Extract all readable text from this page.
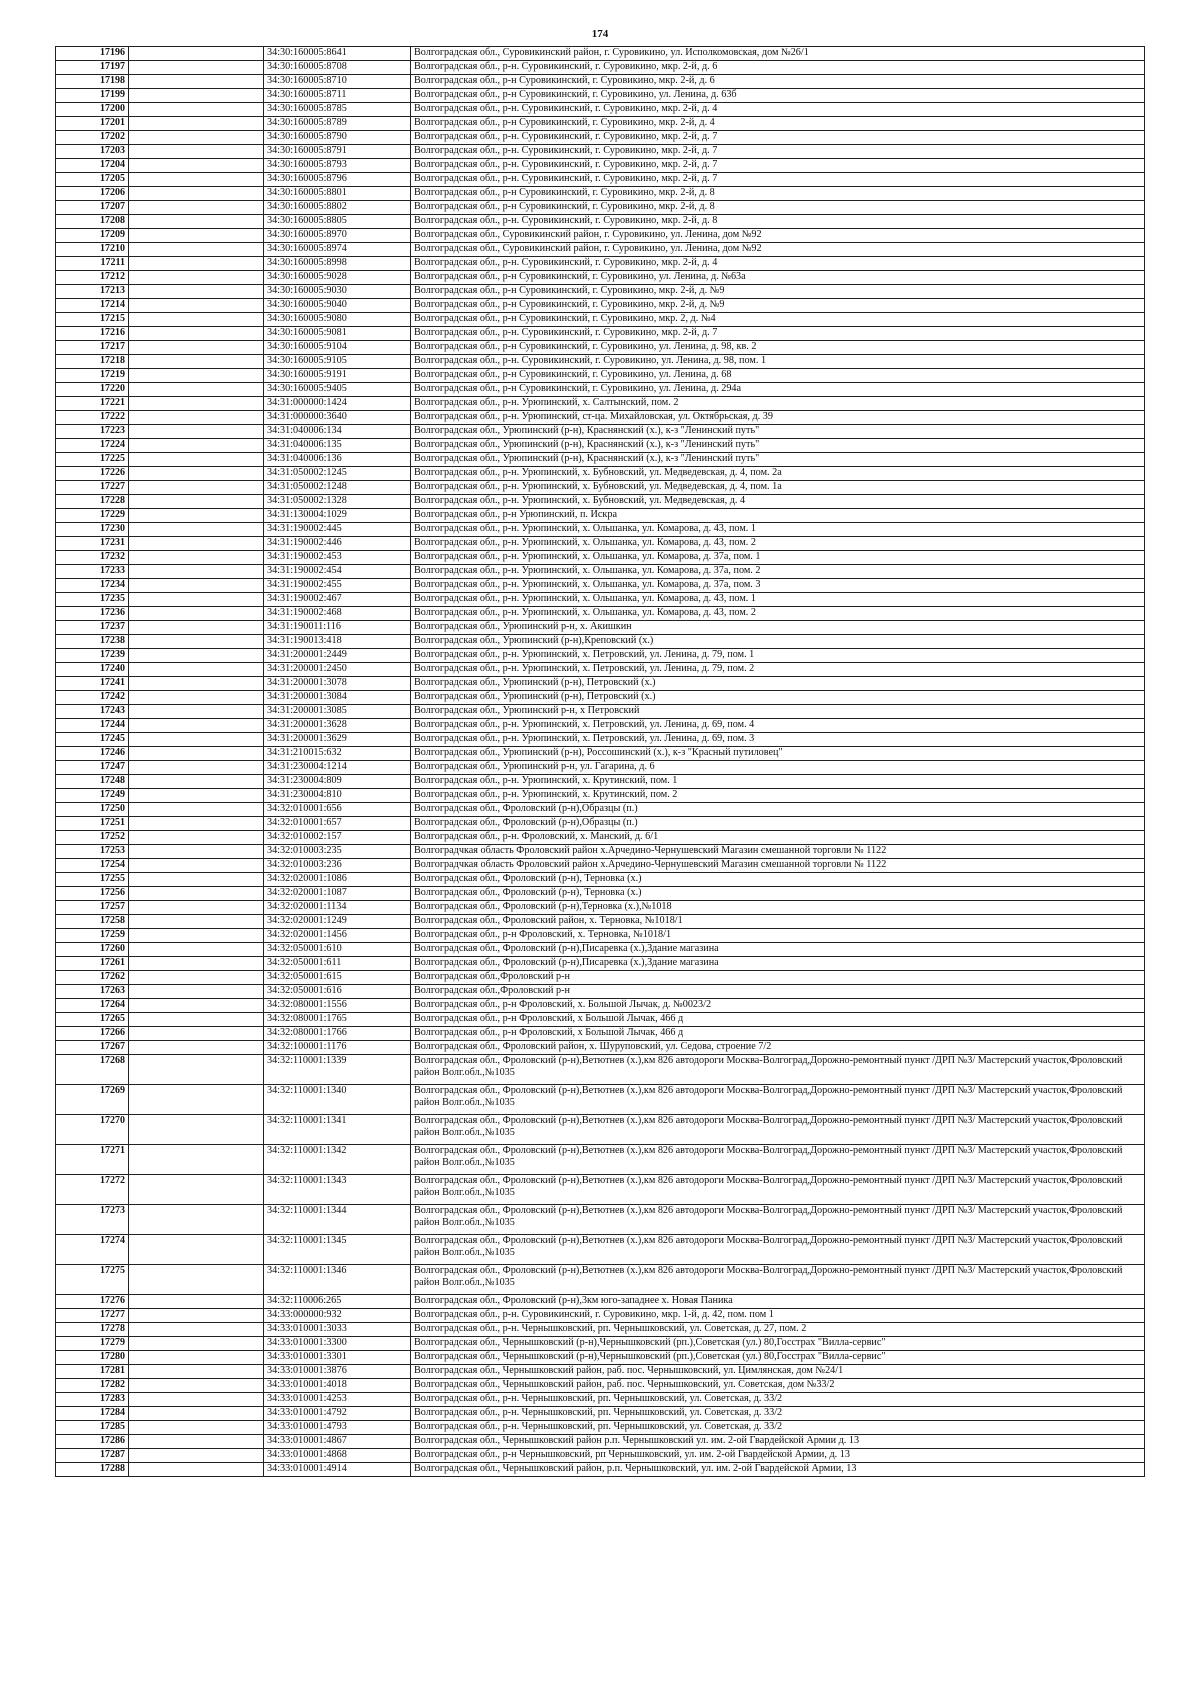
174
17196		34:30:160005:8641	Волгоградская обл., Суровикинский район, г. Суровикино, ул. Исполкомовская, дом №26/1
17197		34:30:160005:8708	Волгоградская обл., р-н. Суровикинский, г. Суровикино, мкр. 2-й, д. 6
17198		34:30:160005:8710	Волгоградская обл., р-н Суровикинский, г. Суровикино, мкр. 2-й, д. 6
17199		34:30:160005:8711	Волгоградская обл., р-н Суровикинский, г. Суровикино, ул. Ленина, д. 63б
17200		34:30:160005:8785	Волгоградская обл., р-н. Суровикинский, г. Суровикино, мкр. 2-й, д. 4
17201		34:30:160005:8789	Волгоградская обл., р-н Суровикинский, г. Суровикино, мкр. 2-й, д. 4
17202		34:30:160005:8790	Волгоградская обл., р-н. Суровикинский, г. Суровикино, мкр. 2-й, д. 7
17203		34:30:160005:8791	Волгоградская обл., р-н. Суровикинский, г. Суровикино, мкр. 2-й, д. 7
17204		34:30:160005:8793	Волгоградская обл., р-н. Суровикинский, г. Суровикино, мкр. 2-й, д. 7
17205		34:30:160005:8796	Волгоградская обл., р-н. Суровикинский, г. Суровикино, мкр. 2-й, д. 7
17206		34:30:160005:8801	Волгоградская обл., р-н Суровикинский, г. Суровикино, мкр. 2-й, д. 8
17207		34:30:160005:8802	Волгоградская обл., р-н Суровикинский, г. Суровикино, мкр. 2-й, д. 8
17208		34:30:160005:8805	Волгоградская обл., р-н. Суровикинский, г. Суровикино, мкр. 2-й, д. 8
17209		34:30:160005:8970	Волгоградская обл., Суровикинский район, г. Суровикино, ул. Ленина, дом №92
17210		34:30:160005:8974	Волгоградская обл., Суровикинский район, г. Суровикино, ул. Ленина, дом №92
17211		34:30:160005:8998	Волгоградская обл., р-н. Суровикинский, г. Суровикино, мкр. 2-й, д. 4
17212		34:30:160005:9028	Волгоградская обл., р-н Суровикинский, г. Суровикино, ул. Ленина, д. №63а
17213		34:30:160005:9030	Волгоградская обл., р-н Суровикинский, г. Суровикино, мкр. 2-й, д. №9
17214		34:30:160005:9040	Волгоградская обл., р-н Суровикинский, г. Суровикино, мкр. 2-й, д. №9
17215		34:30:160005:9080	Волгоградская обл., р-н Суровикинский, г. Суровикино, мкр. 2, д. №4
17216		34:30:160005:9081	Волгоградская обл., р-н. Суровикинский, г. Суровикино, мкр. 2-й, д. 7
17217		34:30:160005:9104	Волгоградская обл., р-н Суровикинский, г. Суровикино, ул. Ленина, д. 98, кв. 2
17218		34:30:160005:9105	Волгоградская обл., р-н. Суровикинский, г. Суровикино, ул. Ленина, д. 98, пом. 1
17219		34:30:160005:9191	Волгоградская обл., р-н Суровикинский, г. Суровикино, ул. Ленина, д. 68
17220		34:30:160005:9405	Волгоградская обл., р-н Суровикинский, г. Суровикино, ул. Ленина, д. 294а
17221		34:31:000000:1424	Волгоградская обл., р-н. Урюпинский, х. Салтынский, пом. 2
17222		34:31:000000:3640	Волгоградская обл., р-н. Урюпинский, ст-ца. Михайловская, ул. Октябрьская, д. 39
17223		34:31:040006:134	Волгоградская обл., Урюпинский (р-н), Краснянский (х.), к-з "Ленинский путь"
17224		34:31:040006:135	Волгоградская обл., Урюпинский (р-н), Краснянский (х.), к-з "Ленинский путь"
17225		34:31:040006:136	Волгоградская обл., Урюпинский (р-н), Краснянский (х.), к-з "Ленинский путь"
17226		34:31:050002:1245	Волгоградская обл., р-н. Урюпинский, х. Бубновский, ул. Медведевская, д. 4, пом. 2а
17227		34:31:050002:1248	Волгоградская обл., р-н. Урюпинский, х. Бубновский, ул. Медведевская, д. 4, пом. 1а
17228		34:31:050002:1328	Волгоградская обл., р-н. Урюпинский, х. Бубновский, ул. Медведевская, д. 4
17229		34:31:130004:1029	Волгоградская обл., р-н Урюпинский, п. Искра
17230		34:31:190002:445	Волгоградская обл., р-н. Урюпинский, х. Ольшанка, ул. Комарова, д. 43, пом. 1
17231		34:31:190002:446	Волгоградская обл., р-н. Урюпинский, х. Ольшанка, ул. Комарова, д. 43, пом. 2
17232		34:31:190002:453	Волгоградская обл., р-н. Урюпинский, х. Ольшанка, ул. Комарова, д. 37а, пом. 1
17233		34:31:190002:454	Волгоградская обл., р-н. Урюпинский, х. Ольшанка, ул. Комарова, д. 37а, пом. 2
17234		34:31:190002:455	Волгоградская обл., р-н. Урюпинский, х. Ольшанка, ул. Комарова, д. 37а, пом. 3
17235		34:31:190002:467	Волгоградская обл., р-н. Урюпинский, х. Ольшанка, ул. Комарова, д. 43, пом. 1
17236		34:31:190002:468	Волгоградская обл., р-н. Урюпинский, х. Ольшанка, ул. Комарова, д. 43, пом. 2
17237		34:31:190011:116	Волгоградская обл., Урюпинский р-н, х. Акишкин
17238		34:31:190013:418	Волгоградская обл., Урюпинский (р-н),Креповский (х.)
17239		34:31:200001:2449	Волгоградская обл., р-н. Урюпинский, х. Петровский, ул. Ленина, д. 79, пом. 1
17240		34:31:200001:2450	Волгоградская обл., р-н. Урюпинский, х. Петровский, ул. Ленина, д. 79, пом. 2
17241		34:31:200001:3078	Волгоградская обл., Урюпинский (р-н), Петровский (х.)
17242		34:31:200001:3084	Волгоградская обл., Урюпинский (р-н), Петровский (х.)
17243		34:31:200001:3085	Волгоградская обл., Урюпинский р-н, х Петровский
17244		34:31:200001:3628	Волгоградская обл., р-н. Урюпинский, х. Петровский, ул. Ленина, д. 69, пом. 4
17245		34:31:200001:3629	Волгоградская обл., р-н. Урюпинский, х. Петровский, ул. Ленина, д. 69, пом. 3
17246		34:31:210015:632	Волгоградская обл., Урюпинский (р-н), Россошинский (х.), к-з "Красный путиловец"
17247		34:31:230004:1214	Волгоградская обл., Урюпинский р-н, ул. Гагарина, д. 6
17248		34:31:230004:809	Волгоградская обл., р-н. Урюпинский, х. Крутинский, пом. 1
17249		34:31:230004:810	Волгоградская обл., р-н. Урюпинский, х. Крутинский, пом. 2
17250		34:32:010001:656	Волгоградская обл., Фроловский (р-н),Образцы (п.)
17251		34:32:010001:657	Волгоградская обл., Фроловский (р-н),Образцы (п.)
17252		34:32:010002:157	Волгоградская обл., р-н. Фроловский, х. Манский, д. 6/1
17253		34:32:010003:235	Волгоградчкая область Фроловский район х.Арчедино-Чернушевский Магазин смешанной торговли № 1122
17254		34:32:010003:236	Волгоградчкая область Фроловский район х.Арчедино-Чернушевский Магазин смешанной торговли № 1122
17255		34:32:020001:1086	Волгоградская обл., Фроловский (р-н), Терновка (х.)
17256		34:32:020001:1087	Волгоградская обл., Фроловский (р-н), Терновка (х.)
17257		34:32:020001:1134	Волгоградская обл., Фроловский (р-н),Терновка (х.),№1018
17258		34:32:020001:1249	Волгоградская обл., Фроловский район, х. Терновка, №1018/1
17259		34:32:020001:1456	Волгоградская обл., р-н Фроловский, х. Терновка, №1018/1
17260		34:32:050001:610	Волгоградская обл., Фроловский (р-н),Писаревка (х.),Здание магазина
17261		34:32:050001:611	Волгоградская обл., Фроловский (р-н),Писаревка (х.),Здание магазина
17262		34:32:050001:615	Волгоградская обл.,Фроловский р-н
17263		34:32:050001:616	Волгоградская обл.,Фроловский р-н
17264		34:32:080001:1556	Волгоградская обл., р-н Фроловский, х. Большой Лычак, д. №0023/2
17265		34:32:080001:1765	Волгоградская обл., р-н Фроловский, х Большой Лычак, 466 д
17266		34:32:080001:1766	Волгоградская обл., р-н Фроловский, х Большой Лычак, 466 д
17267		34:32:100001:1176	Волгоградская обл., Фроловский район, х. Шуруповский, ул. Седова, строение 7/2
17268		34:32:110001:1339	Волгоградская обл., Фроловский (р-н),Ветютнев (х.),км 826 автодороги Москва-Волгоград,Дорожно-ремонтный пункт /ДРП №3/ Мастерский участок,Фроловский район Волг.обл.,№1035
17269		34:32:110001:1340	Волгоградская обл., Фроловский (р-н),Ветютнев (х.),км 826 автодороги Москва-Волгоград,Дорожно-ремонтный пункт /ДРП №3/ Мастерский участок,Фроловский район Волг.обл.,№1035
17270		34:32:110001:1341	Волгоградская обл., Фроловский (р-н),Ветютнев (х.),км 826 автодороги Москва-Волгоград,Дорожно-ремонтный пункт /ДРП №3/ Мастерский участок,Фроловский район Волг.обл.,№1035
17271		34:32:110001:1342	Волгоградская обл., Фроловский (р-н),Ветютнев (х.),км 826 автодороги Москва-Волгоград,Дорожно-ремонтный пункт /ДРП №3/ Мастерский участок,Фроловский район Волг.обл.,№1035
17272		34:32:110001:1343	Волгоградская обл., Фроловский (р-н),Ветютнев (х.),км 826 автодороги Москва-Волгоград,Дорожно-ремонтный пункт /ДРП №3/ Мастерский участок,Фроловский район Волг.обл.,№1035
17273		34:32:110001:1344	Волгоградская обл., Фроловский (р-н),Ветютнев (х.),км 826 автодороги Москва-Волгоград,Дорожно-ремонтный пункт /ДРП №3/ Мастерский участок,Фроловский район Волг.обл.,№1035
17274		34:32:110001:1345	Волгоградская обл., Фроловский (р-н),Ветютнев (х.),км 826 автодороги Москва-Волгоград,Дорожно-ремонтный пункт /ДРП №3/ Мастерский участок,Фроловский район Волг.обл.,№1035
17275		34:32:110001:1346	Волгоградская обл., Фроловский (р-н),Ветютнев (х.),км 826 автодороги Москва-Волгоград,Дорожно-ремонтный пункт /ДРП №3/ Мастерский участок,Фроловский район Волг.обл.,№1035
17276		34:32:110006:265	Волгоградская обл., Фроловский (р-н),3км юго-западнее х. Новая Паника
17277		34:33:000000:932	Волгоградская обл., р-н. Суровикинский, г. Суровикино, мкр. 1-й, д. 42, пом. пом 1
17278		34:33:010001:3033	Волгоградская обл., р-н. Чернышковский, рп. Чернышковский, ул. Советская, д. 27, пом. 2
17279		34:33:010001:3300	Волгоградская обл., Чернышковский (р-н),Чернышковский (рп.),Советская (ул.) 80,Госстрах "Вилла-сервис"
17280		34:33:010001:3301	Волгоградская обл., Чернышковский (р-н),Чернышковский (рп.),Советская (ул.) 80,Госстрах "Вилла-сервис"
17281		34:33:010001:3876	Волгоградская обл., Чернышковский район, раб. пос. Чернышковский, ул. Цимлянская, дом №24/1
17282		34:33:010001:4018	Волгоградская обл., Чернышковский район, раб. пос. Чернышковский, ул. Советская, дом №33/2
17283		34:33:010001:4253	Волгоградская обл., р-н. Чернышковский, рп. Чернышковский, ул. Советская, д. 33/2
17284		34:33:010001:4792	Волгоградская обл., р-н. Чернышковский, рп. Чернышковский, ул. Советская, д. 33/2
17285		34:33:010001:4793	Волгоградская обл., р-н. Чернышковский, рп. Чернышковский, ул. Советская, д. 33/2
17286		34:33:010001:4867	Волгоградская обл., Чернышковский район р.п. Чернышковский ул. им. 2-ой Гвардейской Армии д. 13
17287		34:33:010001:4868	Волгоградская обл., р-н Чернышковский, рп Чернышковский, ул. им. 2-ой Гвардейской Армии, д. 13
17288		34:33:010001:4914	Волгоградская обл., Чернышковский район, р.п. Чернышковский, ул. им. 2-ой Гвардейской Армии, 13
